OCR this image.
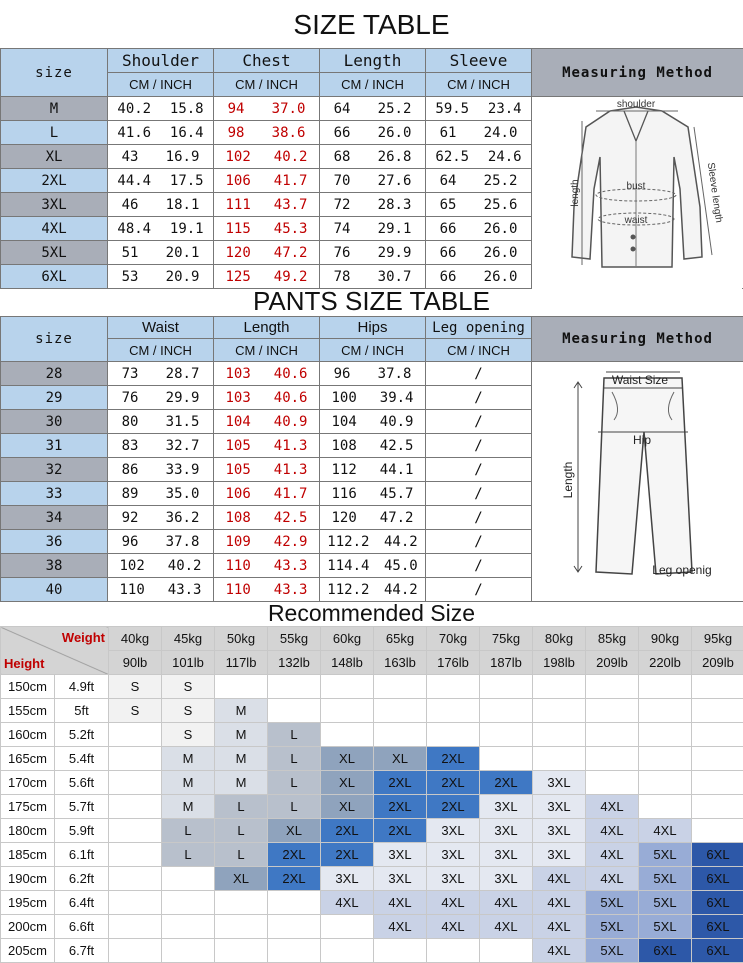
SIZE TABLE
size	Shoulder	Chest	Length	Sleeve	Measuring Method
	CM / INCH	CM / INCH	CM / INCH	CM / INCH	
M	40.2 15.8	94 37.0	64 25.2	59.5 23.4	

L	41.6 16.4	98 38.6	66 26.0	61 24.0	

XL	43 16.9	102 40.2	68 26.8	62.5 24.6	

2XL	44.4 17.5	106 41.7	70 27.6	64 25.2	

3XL	46 18.1	111 43.7	72 28.3	65 25.6	

4XL	48.4 19.1	115 45.3	74 29.1	66 26.0	

5XL	51 20.1	120 47.2	76 29.9	66 26.0	

6XL	53 20.9	125 49.2	78 30.7	66 26.0	
shoulder
bust
waist
length	Sleeve length
PANTS SIZE TABLE
size	Waist	Length	Hips	Leg opening	Measuring Method
	CM / INCH	CM / INCH	CM / INCH	CM / INCH	
28	73 28.7	103 40.6	96 37.8	/	
29	76 29.9	103 40.6	100 39.4	/	
30	80 31.5	104 40.9	104 40.9	/	
31	83 32.7	105 41.3	108 42.5	/	
32	86 33.9	105 41.3	112 44.1	/	
33	89 35.0	106 41.7	116 45.7	/	
34	92 36.2	108 42.5	120 47.2	/	
36	96 37.8	109 42.9	112.2 44.2	/	
38	102 40.2	110 43.3	114.4 45.0	/	
40	110 43.3	110 43.3	112.2 44.2	/	
Waist Size
Hip
Length
Leg openig
Recommended Size
Weight
Height		40kg	45kg	50kg	55kg	60kg	65kg	70kg	75kg	80kg	85kg	90kg	95kg
		90lb	101lb	117lb	132lb	148lb	163lb	176lb	187lb	198lb	209lb	220lb	209lb
150cm	4.9ft	S	S										
155cm	5ft	S	S	M									
160cm	5.2ft		S	M	L								
165cm	5.4ft		M	M	L	XL	XL	2XL					
170cm	5.6ft		M	M	L	XL	2XL	2XL	2XL	3XL			
175cm	5.7ft		M	L	L	XL	2XL	2XL	3XL	3XL	4XL		
180cm	5.9ft		L	L	XL	2XL	2XL	3XL	3XL	3XL	4XL	4XL	
185cm	6.1ft		L	L	2XL	2XL	3XL	3XL	3XL	3XL	4XL	5XL	6XL
190cm	6.2ft			XL	2XL	3XL	3XL	3XL	3XL	4XL	4XL	5XL	6XL
195cm	6.4ft					4XL	4XL	4XL	4XL	4XL	5XL	5XL	6XL
200cm	6.6ft						4XL	4XL	4XL	4XL	5XL	5XL	6XL
205cm	6.7ft									4XL	5XL	6XL	6XL
